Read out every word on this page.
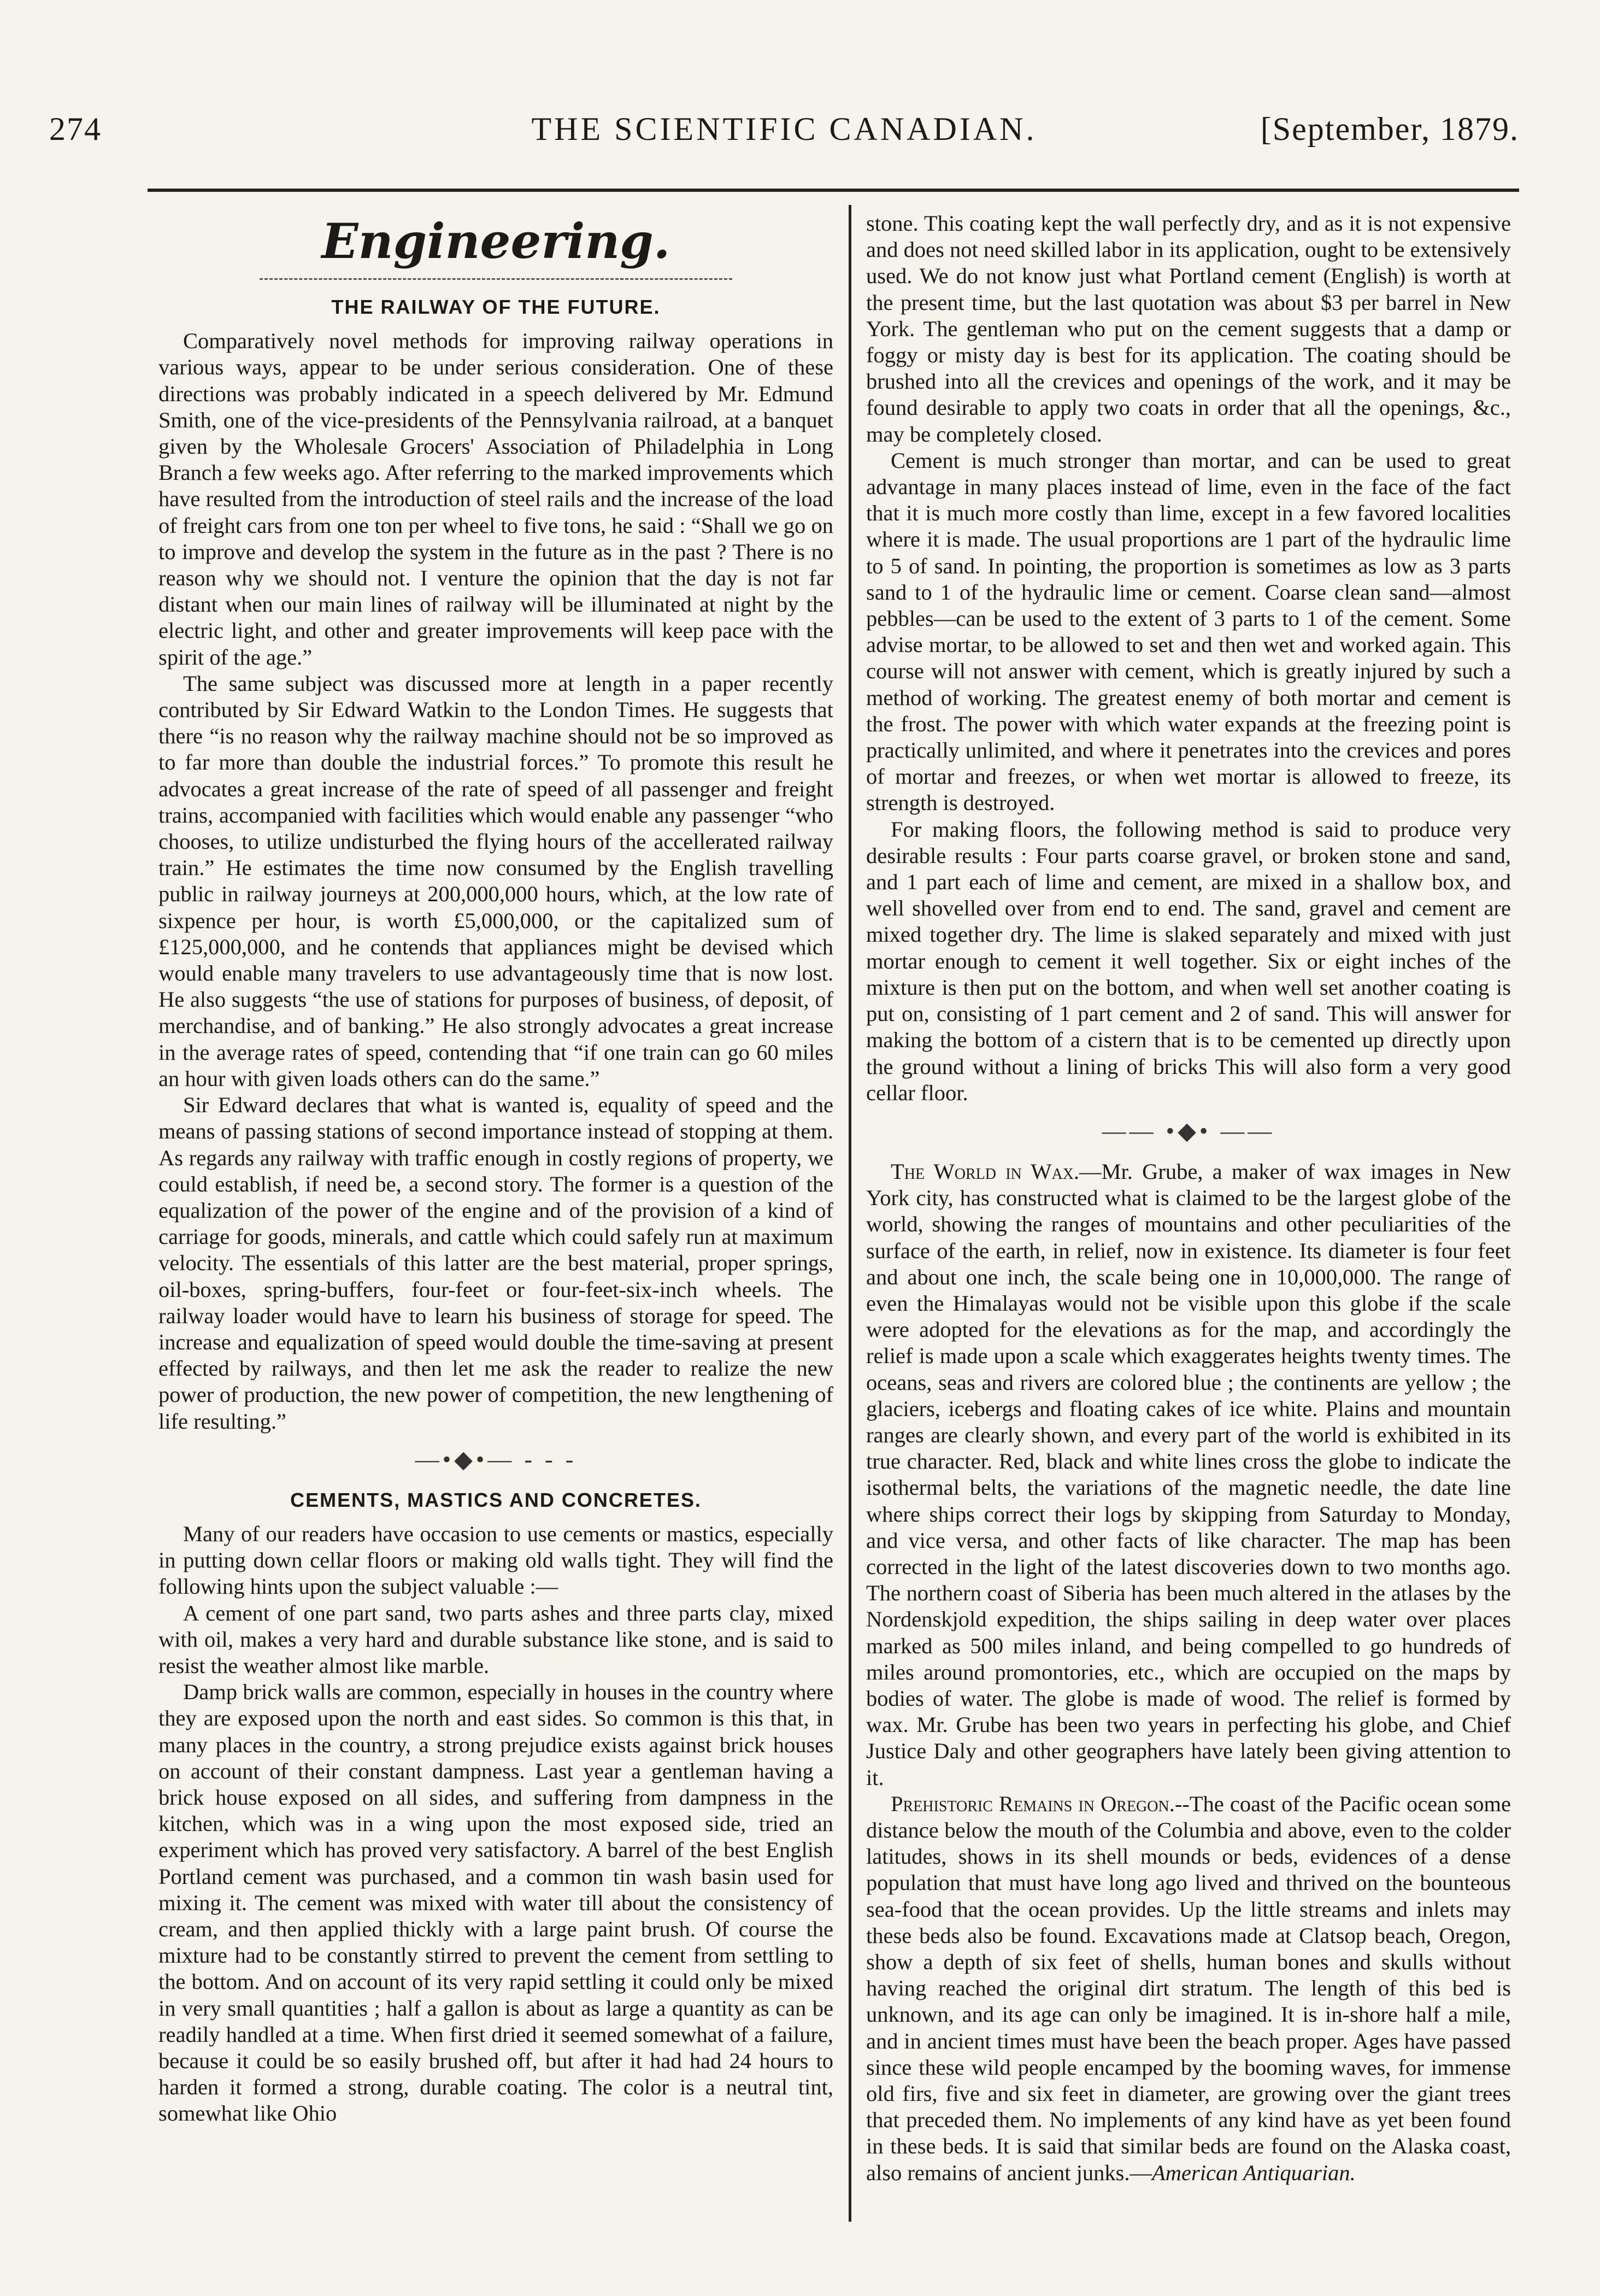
THE SCIENTIFIC CANADIAN.
274	[September, 1879.
Engineering.
THE RAILWAY OF THE FUTURE.

Comparatively novel methods for improving railway operations in various ways, appear to be under serious consideration. One of these directions was probably indicated in a speech delivered by Mr. Edmund Smith, one of the vice-presidents of the Pennsylvania railroad, at a banquet given by the Wholesale Grocers' Association of Philadelphia in Long Branch a few weeks ago. After referring to the marked improvements which have resulted from the introduction of steel rails and the increase of the load of freight cars from one ton per wheel to five tons, he said : “Shall we go on to improve and develop the system in the future as in the past ? There is no reason why we should not. I venture the opinion that the day is not far distant when our main lines of railway will be illuminated at night by the electric light, and other and greater improvements will keep pace with the spirit of the age.”

The same subject was discussed more at length in a paper recently contributed by Sir Edward Watkin to the London Times. He suggests that there “is no reason why the railway machine should not be so improved as to far more than double the industrial forces.” To promote this result he advocates a great increase of the rate of speed of all passenger and freight trains, accompanied with facilities which would enable any passenger “who chooses, to utilize undisturbed the flying hours of the accellerated railway train.” He estimates the time now consumed by the English travelling public in railway journeys at 200,000,000 hours, which, at the low rate of sixpence per hour, is worth £5,000,000, or the capitalized sum of £125,000,000, and he contends that appliances might be devised which would enable many travelers to use advantageously time that is now lost. He also suggests “the use of stations for purposes of business, of deposit, of merchandise, and of banking.” He also strongly advocates a great increase in the average rates of speed, contending that “if one train can go 60 miles an hour with given loads others can do the same.”

Sir Edward declares that what is wanted is, equality of speed and the means of passing stations of second importance instead of stopping at them. As regards any railway with traffic enough in costly regions of property, we could establish, if need be, a second story. The former is a question of the equalization of the power of the engine and of the provision of a kind of carriage for goods, minerals, and cattle which could safely run at maximum velocity. The essentials of this latter are the best material, proper springs, oil-boxes, spring-buffers, four-feet or four-feet-six-inch wheels. The railway loader would have to learn his business of storage for speed. The increase and equalization of speed would double the time-saving at present effected by railways, and then let me ask the reader to realize the new power of production, the new power of competition, the new lengthening of life resulting.”

—•◆•— - - -
CEMENTS, MASTICS AND CONCRETES.

Many of our readers have occasion to use cements or mastics, especially in putting down cellar floors or making old walls tight. They will find the following hints upon the subject valuable :—

A cement of one part sand, two parts ashes and three parts clay, mixed with oil, makes a very hard and durable substance like stone, and is said to resist the weather almost like marble.

Damp brick walls are common, especially in houses in the country where they are exposed upon the north and east sides. So common is this that, in many places in the country, a strong prejudice exists against brick houses on account of their constant dampness. Last year a gentleman having a brick house exposed on all sides, and suffering from dampness in the kitchen, which was in a wing upon the most exposed side, tried an experiment which has proved very satisfactory. A barrel of the best English Portland cement was purchased, and a common tin wash basin used for mixing it. The cement was mixed with water till about the consistency of cream, and then applied thickly with a large paint brush. Of course the mixture had to be constantly stirred to prevent the cement from settling to the bottom. And on account of its very rapid settling it could only be mixed in very small quantities ; half a gallon is about as large a quantity as can be readily handled at a time. When first dried it seemed somewhat of a failure, because it could be so easily brushed off, but after it had had 24 hours to harden it formed a strong, durable coating. The color is a neutral tint, somewhat like Ohio

stone. This coating kept the wall perfectly dry, and as it is not expensive and does not need skilled labor in its application, ought to be extensively used. We do not know just what Portland cement (English) is worth at the present time, but the last quotation was about $3 per barrel in New York. The gentleman who put on the cement suggests that a damp or foggy or misty day is best for its application. The coating should be brushed into all the crevices and openings of the work, and it may be found desirable to apply two coats in order that all the openings, &c., may be completely closed.

Cement is much stronger than mortar, and can be used to great advantage in many places instead of lime, even in the face of the fact that it is much more costly than lime, except in a few favored localities where it is made. The usual proportions are 1 part of the hydraulic lime to 5 of sand. In pointing, the proportion is sometimes as low as 3 parts sand to 1 of the hydraulic lime or cement. Coarse clean sand—almost pebbles—can be used to the extent of 3 parts to 1 of the cement. Some advise mortar, to be allowed to set and then wet and worked again. This course will not answer with cement, which is greatly injured by such a method of working. The greatest enemy of both mortar and cement is the frost. The power with which water expands at the freezing point is practically unlimited, and where it penetrates into the crevices and pores of mortar and freezes, or when wet mortar is allowed to freeze, its strength is destroyed.

For making floors, the following method is said to produce very desirable results : Four parts coarse gravel, or broken stone and sand, and 1 part each of lime and cement, are mixed in a shallow box, and well shovelled over from end to end. The sand, gravel and cement are mixed together dry. The lime is slaked separately and mixed with just mortar enough to cement it well together. Six or eight inches of the mixture is then put on the bottom, and when well set another coating is put on, consisting of 1 part cement and 2 of sand. This will answer for making the bottom of a cistern that is to be cemented up directly upon the ground without a lining of bricks This will also form a very good cellar floor.

—— •◆• ——

The World in Wax.—Mr. Grube, a maker of wax images in New York city, has constructed what is claimed to be the largest globe of the world, showing the ranges of mountains and other peculiarities of the surface of the earth, in relief, now in existence. Its diameter is four feet and about one inch, the scale being one in 10,000,000. The range of even the Himalayas would not be visible upon this globe if the scale were adopted for the elevations as for the map, and accordingly the relief is made upon a scale which exaggerates heights twenty times. The oceans, seas and rivers are colored blue ; the continents are yellow ; the glaciers, icebergs and floating cakes of ice white. Plains and mountain ranges are clearly shown, and every part of the world is exhibited in its true character. Red, black and white lines cross the globe to indicate the isothermal belts, the variations of the magnetic needle, the date line where ships correct their logs by skipping from Saturday to Monday, and vice versa, and other facts of like character. The map has been corrected in the light of the latest discoveries down to two months ago. The northern coast of Siberia has been much altered in the atlases by the Nordenskjold expedition, the ships sailing in deep water over places marked as 500 miles inland, and being compelled to go hundreds of miles around promontories, etc., which are occupied on the maps by bodies of water. The globe is made of wood. The relief is formed by wax. Mr. Grube has been two years in perfecting his globe, and Chief Justice Daly and other geographers have lately been giving attention to it.

Prehistoric Remains in Oregon.--The coast of the Pacific ocean some distance below the mouth of the Columbia and above, even to the colder latitudes, shows in its shell mounds or beds, evidences of a dense population that must have long ago lived and thrived on the bounteous sea-food that the ocean provides. Up the little streams and inlets may these beds also be found. Excavations made at Clatsop beach, Oregon, show a depth of six feet of shells, human bones and skulls without having reached the original dirt stratum. The length of this bed is unknown, and its age can only be imagined. It is in-shore half a mile, and in ancient times must have been the beach proper. Ages have passed since these wild people encamped by the booming waves, for immense old firs, five and six feet in diameter, are growing over the giant trees that preceded them. No implements of any kind have as yet been found in these beds. It is said that similar beds are found on the Alaska coast, also remains of ancient junks.—American Antiquarian.
